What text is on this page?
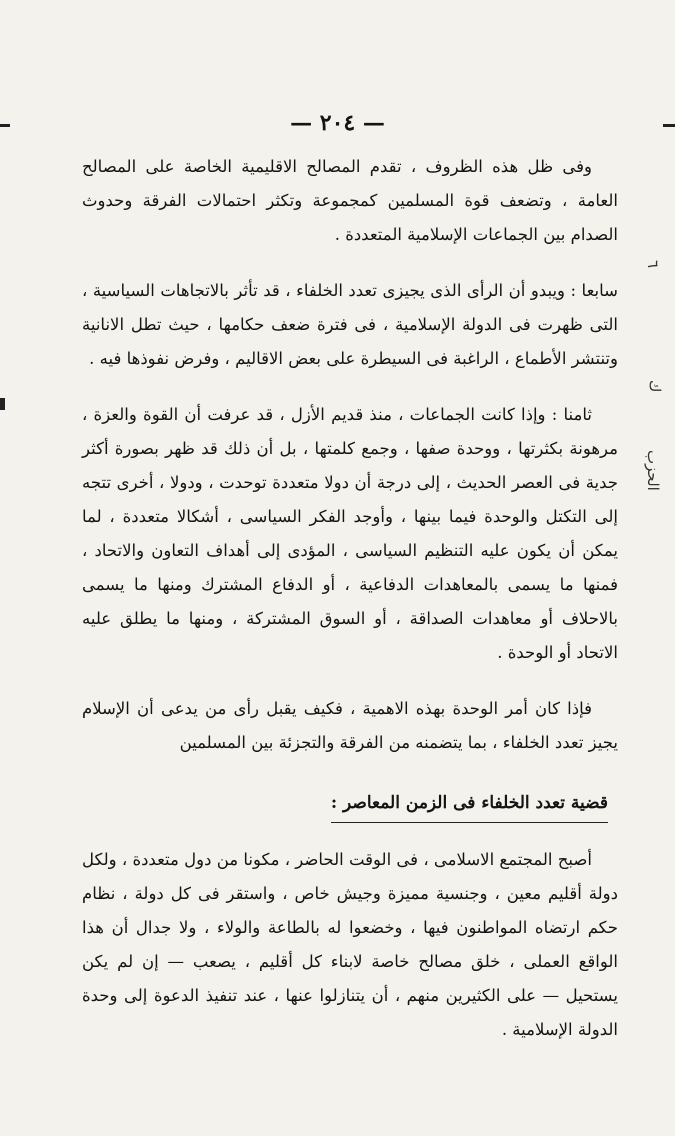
— ٢٠٤ —
٦
ك
الحزب

وفى ظل هذه الظروف ، تقدم المصالح الاقليمية الخاصة على المصالح العامة ، وتضعف قوة المسلمين كمجموعة وتكثر احتمالات الفرقة وحدوث الصدام بين الجماعات الإسلامية المتعددة .

سابعا : ويبدو أن الرأى الذى يجيزى تعدد الخلفاء ، قد تأثر بالاتجاهات السياسية ، التى ظهرت فى الدولة الإسلامية ، فى فترة ضعف حكامها ، حيث تطل الانانية وتنتشر الأطماع ، الراغبة فى السيطرة على بعض الاقاليم ، وفرض نفوذها فيه .

ثامنا : وإذا كانت الجماعات ، منذ قديم الأزل ، قد عرفت أن القوة والعزة ، مرهونة بكثرتها ، ووحدة صفها ، وجمع كلمتها ، بل أن ذلك قد ظهر بصورة أكثر جدية فى العصر الحديث ، إلى درجة أن دولا متعددة توحدت ، ودولا ، أخرى تتجه إلى التكتل والوحدة فيما بينها ، وأوجد الفكر السياسى ، أشكالا متعددة ، لما يمكن أن يكون عليه التنظيم السياسى ، المؤدى إلى أهداف التعاون والاتحاد ، فمنها ما يسمى بالمعاهدات الدفاعية ، أو الدفاع المشترك ومنها ما يسمى بالاحلاف أو معاهدات الصداقة ، أو السوق المشتركة ، ومنها ما يطلق عليه الاتحاد أو الوحدة .

فإذا كان أمر الوحدة بهذه الاهمية ، فكيف يقبل رأى من يدعى أن الإسلام يجيز تعدد الخلفاء ، بما يتضمنه من الفرقة والتجزئة بين المسلمين

قضية تعدد الخلفاء فى الزمن المعاصر :

أصبح المجتمع الاسلامى ، فى الوقت الحاضر ، مكونا من دول متعددة ، ولكل دولة أقليم معين ، وجنسية مميزة وجيش خاص ، واستقر فى كل دولة ، نظام حكم ارتضاه المواطنون فيها ، وخضعوا له بالطاعة والولاء ، ولا جدال أن هذا الواقع العملى ، خلق مصالح خاصة لابناء كل أقليم ، يصعب — إن لم يكن يستحيل — على الكثيرين منهم ، أن يتنازلوا عنها ، عند تنفيذ الدعوة إلى وحدة الدولة الإسلامية .
